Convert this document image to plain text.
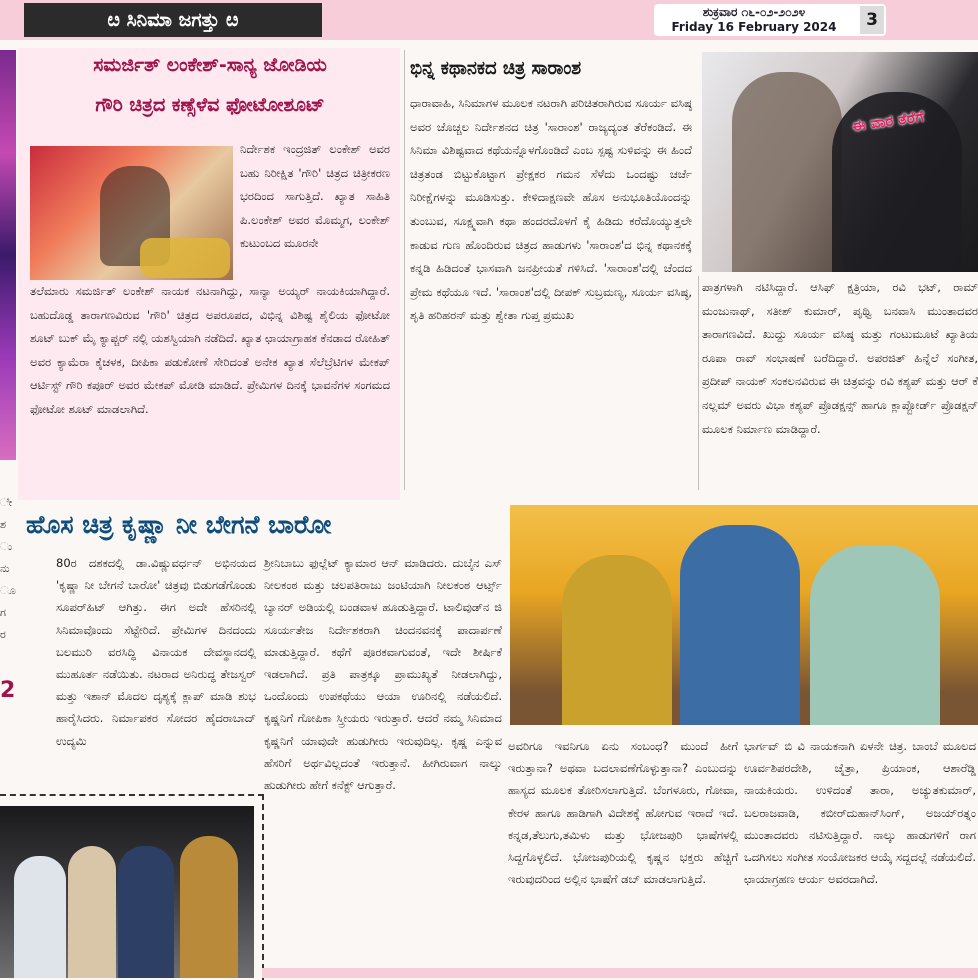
ೞ ಸಿನಿಮಾ ಜಗತ್ತು ೞ	ಶುಕ್ರವಾರ ೧೬-೦೨-೨೦೨೪
Friday 16 February 2024	3
ೇ ಶ ು ನು ೂ ಗ ರ
2
ಸಮರ್ಜಿತ್ ಲಂಕೇಶ್-ಸಾನ್ಯ ಜೋಡಿಯ
ಗೌರಿ ಚಿತ್ರದ ಕಣ್ಸೆಳೆವ ಫೋಟೋಶೂಟ್
ನಿರ್ದೇಶಕ ಇಂದ್ರಜಿತ್ ಲಂಕೇಶ್ ಅವರ ಬಹು ನಿರೀಕ್ಷಿತ 'ಗೌರಿ' ಚಿತ್ರದ ಚಿತ್ರೀಕರಣ ಭರದಿಂದ ಸಾಗುತ್ತಿದೆ. ಖ್ಯಾತ ಸಾಹಿತಿ ಪಿ.ಲಂಕೇಶ್ ಅವರ ಮೊಮ್ಮಗ, ಲಂಕೇಶ್ ಕುಟುಂಬದ ಮೂರನೇ
ತಲೆಮಾರು ಸಮರ್ಜಿತ್ ಲಂಕೇಶ್ ನಾಯಕ ನಟನಾಗಿದ್ದು, ಸಾನ್ಯಾ ಅಯ್ಯರ್ ನಾಯಕಿಯಾಗಿದ್ದಾರೆ. ಬಹುದೊಡ್ಡ ತಾರಾಗಣವಿರುವ 'ಗೌರಿ' ಚಿತ್ರದ ಅಪರೂಪದ, ವಿಭಿನ್ನ ವಿಶಿಷ್ಟ ಶೈಲಿಯ ಫೋಟೋ ಶೂಟ್ ಬುಕ್ ಮೈ ಕ್ಯಾಪ್ಚರ್ ನಲ್ಲಿ ಯಶಸ್ವಿಯಾಗಿ ನಡೆದಿದೆ. ಖ್ಯಾತ ಛಾಯಾಗ್ರಾಹಕ ಕೆನಡಾದ ರೋಹಿತ್ ಅವರ ಕ್ಯಾಮೆರಾ ಕೈಚಳಕ, ದೀಪಿಕಾ ಪಡುಕೋಣೆ ಸೇರಿದಂತೆ ಅನೇಕ ಖ್ಯಾತ ಸೆಲೆಬ್ರೆಟಿಗಳ ಮೇಕಪ್ ಆರ್ಟಿಸ್ಟ್ ಗೌರಿ ಕಪೂರ್ ಅವರ ಮೇಕಪ್ ಮೋಡಿ ಮಾಡಿದೆ. ಪ್ರೇಮಿಗಳ ದಿನಕ್ಕೆ ಭಾವನೆಗಳ ಸಂಗಮದ ಫೋಟೋ ಶೂಟ್ ಮಾಡಲಾಗಿದೆ.
ಭಿನ್ನ ಕಥಾನಕದ ಚಿತ್ರ ಸಾರಾಂಶ
ಧಾರಾವಾಹಿ, ಸಿನಿಮಾಗಳ ಮೂಲಕ ನಟರಾಗಿ ಪರಿಚಿತರಾಗಿರುವ ಸೂರ್ಯ ವಸಿಷ್ಠ ಅವರ ಚೊಚ್ಚಲ ನಿರ್ದೇಶನದ ಚಿತ್ರ 'ಸಾರಾಂಶ' ರಾಜ್ಯದ್ಯಂತ ತೆರೆಕಂಡಿದೆ. ಈ ಸಿನಿಮಾ ವಿಶಿಷ್ಟವಾದ ಕಥೆಯನ್ನೊಳಗೊಂಡಿದೆ ಎಂಬ ಸ್ಪಷ್ಟ ಸುಳಿವನ್ನು ಈ ಹಿಂದೆ ಚಿತ್ರತಂಡ ಬಿಟ್ಟುಕೊಟ್ಟಾಗ ಪ್ರೇಕ್ಷಕರ ಗಮನ ಸೆಳೆದು ಒಂದಷ್ಟು ಚರ್ಚೆ ನಿರೀಕ್ಷೆಗಳನ್ನು ಮೂಡಿಸುತ್ತು. ಕೇಳಿದಾಕ್ಷಣವೇ ಹೊಸ ಅನುಭೂತಿಯೊಂದನ್ನು ತುಂಬುವ, ಸೂಕ್ಷ್ಮವಾಗಿ ಕಥಾ ಹಂದರದೊಳಗೆ ಕೈ ಹಿಡಿದು ಕರೆದೊಯ್ಯುತ್ತಲೇ ಕಾಡುವ ಗುಣ ಹೊಂದಿರುವ ಚಿತ್ರದ ಹಾಡುಗಳು 'ಸಾರಾಂಶ'ದ ಭಿನ್ನ ಕಥಾನಕಕ್ಕೆ ಕನ್ನಡಿ ಹಿಡಿದಂತೆ ಭಾಸವಾಗಿ ಜನಪ್ರೀಯತೆ ಗಳಿಸಿದೆ. 'ಸಾರಾಂಶ'ದಲ್ಲಿ ಚೆಂದದ ಪ್ರೇಮ ಕಥೆಯೂ ಇದೆ. 'ಸಾರಾಂಶ'ದಲ್ಲಿ ದೀಪಕ್ ಸುಬ್ರಮಣ್ಯ, ಸೂರ್ಯ ವಸಿಷ್ಠ, ಶೃತಿ ಹರಿಹರನ್ ಮತ್ತು ಶ್ವೇತಾ ಗುಪ್ತ ಪ್ರಮುಖ
ಈ ವಾರ ತೆರೆಗೆ
ಪಾತ್ರಗಳಾಗಿ ನಟಿಸಿದ್ದಾರೆ. ಆಸಿಫ್ ಕ್ಷತ್ರಿಯಾ, ರವಿ ಭಟ್, ರಾಮ್ ಮಂಜುನಾಥ್, ಸತೀಶ್ ಕುಮಾರ್, ಪೃಥ್ವಿ ಬನವಾಸಿ ಮುಂತಾದವರ ತಾರಾಗಣವಿದೆ. ಖುದ್ದು ಸೂರ್ಯ ವಸಿಷ್ಠ ಮತ್ತು ಗಂಟುಮೂಟೆ ಖ್ಯಾತಿಯ ರೂಪಾ ರಾವ್ ಸಂಭಾಷಣೆ ಬರೆದಿದ್ದಾರೆ. ಅಪರಜಿತ್ ಹಿನ್ನೆಲೆ ಸಂಗೀತ, ಪ್ರದೀಪ್ ನಾಯಕ್ ಸಂಕಲನವಿರುವ ಈ ಚಿತ್ರವನ್ನು ರವಿ ಕಶ್ಯಪ್ ಮತ್ತು ಆರ್ ಕೆ ನಲ್ಲಮ್ ಅವರು ವಿಭಾ ಕಶ್ಯಪ್ ಪ್ರೊಡಕ್ಷನ್ಸ್ ಹಾಗೂ ಕ್ಲಾಪ್ಬೋರ್ಡ್ ಪ್ರೊಡಕ್ಷನ್ ಮೂಲಕ ನಿರ್ಮಾಣ ಮಾಡಿದ್ದಾರೆ.
ಹೊಸ ಚಿತ್ರ ಕೃಷ್ಣಾ ನೀ ಬೇಗನೆ ಬಾರೋ
80ರ ದಶಕದಲ್ಲಿ ಡಾ.ವಿಷ್ಣುವರ್ಧನ್ ಅಭಿನಯದ 'ಕೃಷ್ಣಾ ನೀ ಬೇಗನೆ ಬಾರೋ' ಚಿತ್ರವು ಬಿಡುಗಡೆಗೊಂಡು ಸೂಪರ್‌ಹಿಟ್ ಆಗಿತ್ತು. ಈಗ ಅದೇ ಹೆಸರಿನಲ್ಲಿ ಸಿನಿಮಾವೊಂದು ಸೆಟ್ಟೇರಿದೆ. ಪ್ರೇಮಿಗಳ ದಿನದಂದು ಬಲಮುರಿ ವರಸಿದ್ಧಿ ವಿನಾಯಕ ದೇವಸ್ಥಾನದಲ್ಲಿ ಮುಹೂರ್ತ ನಡೆಯಿತು. ನಟರಾದ ಅನಿರುದ್ಧ ತೇಜಸ್ವರ್ ಮತ್ತು ಇಶಾನ್ ಮೊದಲ ದೃಶ್ಯಕ್ಕೆ ಕ್ಲಾಪ್ ಮಾಡಿ ಶುಭ ಹಾರೈಸಿದರು. ನಿರ್ಮಾಪಕರ ಸೋದರ ಹೈದರಾಬಾದ್ ಉದ್ಯಮಿ
ಶ್ರೀನಿಬಾಬು ಫುಲ್ಲೆಟ್ ಕ್ಯಾಮಾರ ಆನ್ ಮಾಡಿದರು. ದುಬೈನ ಎಸ್ ನೀಲಕಂಠ ಮತ್ತು ಚಲಪತಿರಾಜು ಜಂಟಿಯಾಗಿ ನೀಲಕಂಠ ಆರ್ಟ್ಸ್ ಬ್ಯಾನರ್ ಅಡಿಯಲ್ಲಿ ಬಂಡವಾಳ ಹೂಡುತ್ತಿದ್ದಾರೆ. ಟಾಲಿವುಡ್‌ನ ಜಿ ಸೂರ್ಯತೇಜ ನಿರ್ದೇಶಕರಾಗಿ ಚಿಂದನವನಕ್ಕೆ ಪಾದಾರ್ಪಣೆ ಮಾಡುತ್ತಿದ್ದಾರೆ. ಕಥೆಗೆ ಪೂರಕವಾಗುವಂತೆ, ಇದೇ ಶೀರ್ಷಿಕೆ ಇಡಲಾಗಿದೆ. ಪ್ರತಿ ಪಾತ್ರಕ್ಕೂ ಪ್ರಾಮುಖ್ಯತೆ ನೀಡಲಾಗಿದ್ದು, ಒಂದೊಂದು ಉಪಕಥೆಯು ಆಯಾ ಊರಿನಲ್ಲಿ ನಡೆಯಲಿದೆ. ಕೃಷ್ಣನಿಗೆ ಗೋಪಿಕಾ ಸ್ತ್ರೀಯರು ಇರುತ್ತಾರೆ. ಆದರೆ ನಮ್ಮ ಸಿನಿಮಾದ ಕೃಷ್ಣನಿಗೆ ಯಾವುದೇ ಹುಡುಗೀರು ಇರುವುದಿಲ್ಲ. ಕೃಷ್ಣ ಎನ್ನುವ ಹೆಸರಿಗೆ ಅರ್ಥವಿಲ್ಲದಂತೆ ಇರುತ್ತಾನೆ. ಹೀಗಿರುವಾಗ ನಾಲ್ಕು ಹುಡುಗೀರು ಹೇಗೆ ಕನೆಕ್ಟ್ ಆಗುತ್ತಾರೆ.
ಅವರಿಗೂ ಇವನಿಗೂ ಏನು ಸಂಬಂಧ? ಮುಂದೆ ಹೀಗೆ ಇರುತ್ತಾನಾ? ಅಥವಾ ಬದಲಾವಣೆಗೊಳ್ಳುತ್ತಾನಾ? ಎಂಬುದನ್ನು ಹಾಸ್ಯದ ಮೂಲಕ ತೋರಿಸಲಾಗುತ್ತಿದೆ. ಬೆಂಗಳೂರು, ಗೋವಾ, ಕೇರಳ ಹಾಗೂ ಹಾಡಿಗಾಗಿ ವಿದೇಶಕ್ಕೆ ಹೋಗುವ ಇರಾದೆ ಇದೆ. ಕನ್ನಡ,ತೆಲುಗು,ತಮಿಳು ಮತ್ತು ಭೋಜಪುರಿ ಭಾಷೆಗಳಲ್ಲಿ ಸಿದ್ದಗೊಳ್ಳಲಿದೆ. ಭೋಜಪುರಿಯಲ್ಲಿ ಕೃಷ್ಣನ ಭಕ್ತರು ಹೆಚ್ಚಿಗೆ ಇರುವುದರಿಂದ ಅಲ್ಲಿನ ಭಾಷೆಗೆ ಡಬ್ ಮಾಡಲಾಗುತ್ತಿದೆ.
ಭಾರ್ಗವ್ ಬಿ ವಿ ನಾಯಕನಾಗಿ ಏಳನೇ ಚಿತ್ರ. ಬಾಂಬೆ ಮೂಲದ ಊರ್ವಶಿಪರದೇಶಿ, ಚೈತ್ರಾ, ಪ್ರಿಯಾಂಕ, ಆಶಾರೆಡ್ಡಿ ನಾಯಕಿಯರು. ಉಳಿದಂತೆ ತಾರಾ, ಅಚ್ಯುತಕುಮಾರ್, ಬಲರಾಜವಾಡಿ, ಕಬೀರ್‌ದುಹಾನ್‌ಸಿಂಗ್, ಅಜಯ್‌ರತ್ನಂ ಮುಂತಾದವರು ನಟಿಸುತ್ತಿದ್ದಾರೆ. ನಾಲ್ಕು ಹಾಡುಗಳಿಗೆ ರಾಗ ಒದಗಿಸಲು ಸಂಗೀತ ಸಂಯೋಜಕರ ಆಯ್ಕೆ ಸದ್ದದಲ್ಲೆ ನಡೆಯಲಿದೆ. ಛಾಯಾಗ್ರಹಣ ಆರ್ಯ ಅವರದಾಗಿದೆ.
